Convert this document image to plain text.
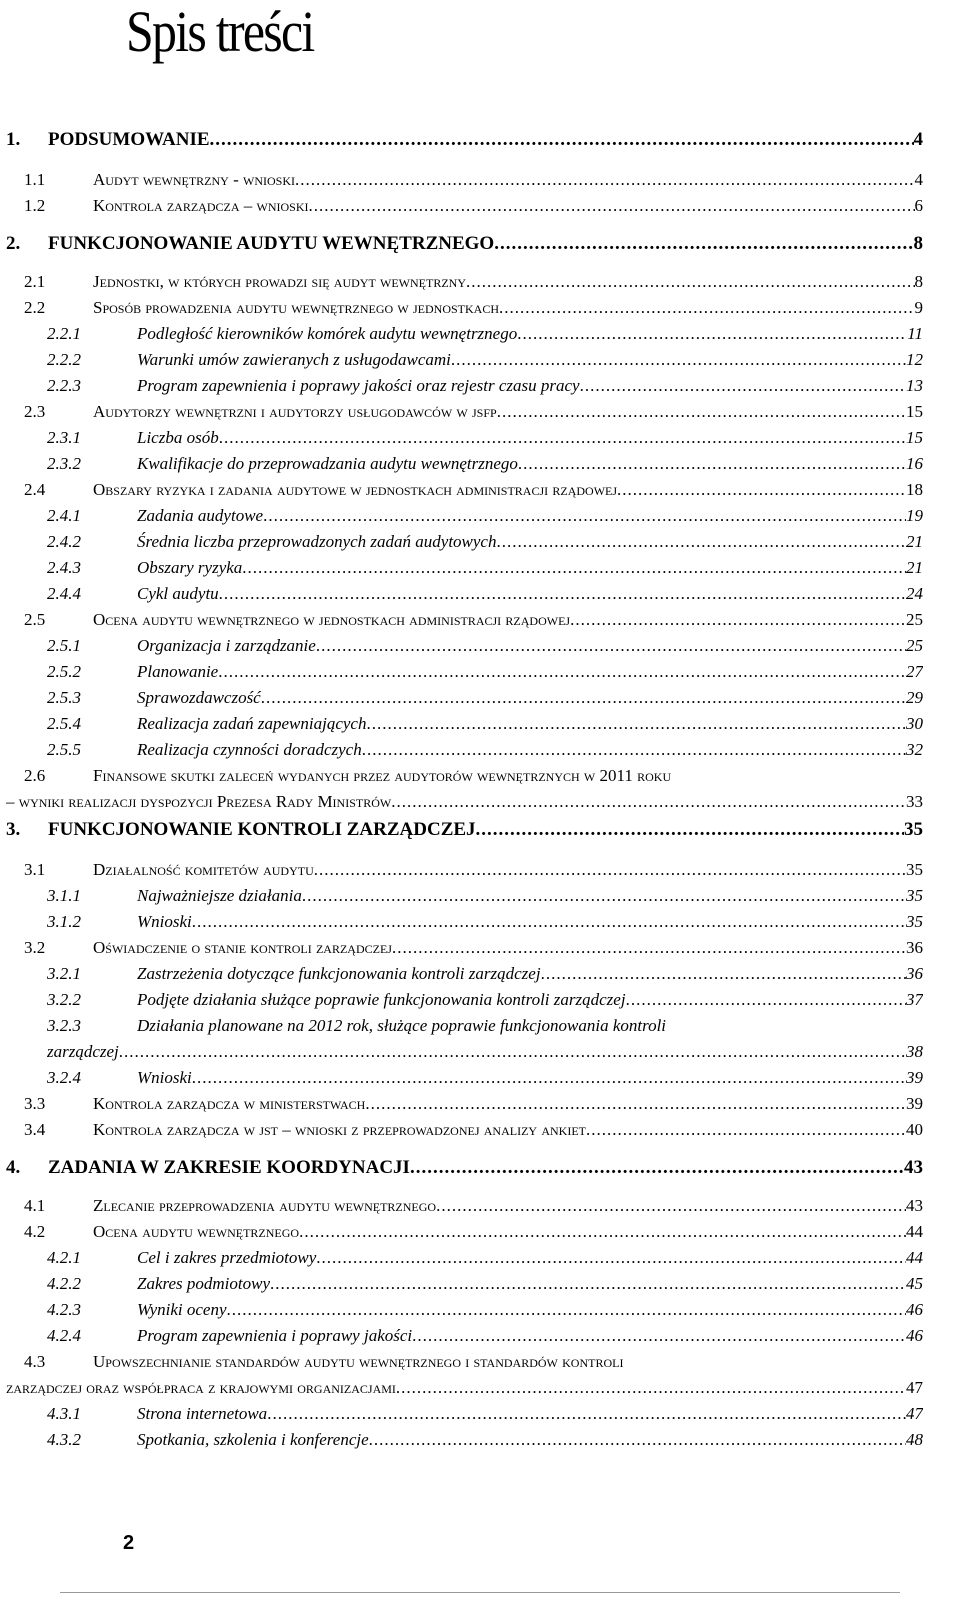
Spis treści
1. PODSUMOWANIE .....	4
1.1	Audyt wewnętrzny - wnioski .....	4
1.2	Kontrola zarządcza – wnioski .....	6
2. FUNKCJONOWANIE AUDYTU WEWNĘTRZNEGO .....	8
2.1	Jednostki, w których prowadzi się audyt wewnętrzny .....	8
2.2	Sposób prowadzenia audytu wewnętrznego w jednostkach .....	9
2.2.1	Podległość kierowników komórek audytu wewnętrznego .....	11
2.2.2	Warunki umów zawieranych z usługodawcami .....	12
2.2.3	Program zapewnienia i poprawy jakości oraz rejestr czasu pracy .....	13
2.3	Audytorzy wewnętrzni i audytorzy usługodawców w jsfp .....	15
2.3.1	Liczba osób .....	15
2.3.2	Kwalifikacje do przeprowadzania audytu wewnętrznego .....	16
2.4	Obszary ryzyka i zadania audytowe w jednostkach administracji rządowej .....	18
2.4.1	Zadania audytowe .....	19
2.4.2	Średnia liczba przeprowadzonych zadań audytowych .....	21
2.4.3	Obszary ryzyka .....	21
2.4.4	Cykl audytu .....	24
2.5	Ocena audytu wewnętrznego w jednostkach administracji rządowej .....	25
2.5.1	Organizacja i zarządzanie .....	25
2.5.2	Planowanie .....	27
2.5.3	Sprawozdawczość .....	29
2.5.4	Realizacja zadań zapewniających .....	30
2.5.5	Realizacja czynności doradczych .....	32
2.6	Finansowe skutki zaleceń wydanych przez audytorów wewnętrznych w 2011 roku
– wyniki realizacji dyspozycji Prezesa Rady Ministrów .....	33
3. FUNKCJONOWANIE KONTROLI ZARZĄDCZEJ .....	35
3.1	Działalność komitetów audytu .....	35
3.1.1	Najważniejsze działania .....	35
3.1.2	Wnioski .....	35
3.2	Oświadczenie o stanie kontroli zarządczej .....	36
3.2.1	Zastrzeżenia dotyczące funkcjonowania kontroli zarządczej .....	36
3.2.2	Podjęte działania służące poprawie funkcjonowania kontroli zarządczej .....	37
3.2.3	Działania planowane na 2012 rok, służące poprawie funkcjonowania kontroli
zarządczej .....	38
3.2.4	Wnioski .....	39
3.3	Kontrola zarządcza w ministerstwach .....	39
3.4	Kontrola zarządcza w jst – wnioski z przeprowadzonej analizy ankiet .....	40
4. ZADANIA W ZAKRESIE KOORDYNACJI .....	43
4.1	Zlecanie przeprowadzenia audytu wewnętrznego .....	43
4.2	Ocena audytu wewnętrznego .....	44
4.2.1	Cel i zakres przedmiotowy .....	44
4.2.2	Zakres podmiotowy .....	45
4.2.3	Wyniki oceny .....	46
4.2.4	Program zapewnienia i poprawy jakości .....	46
4.3	Upowszechnianie standardów audytu wewnętrznego i standardów kontroli
zarządczej oraz współpraca z krajowymi organizacjami .....	47
4.3.1	Strona internetowa .....	47
4.3.2	Spotkania, szkolenia i konferencje .....	48
2
